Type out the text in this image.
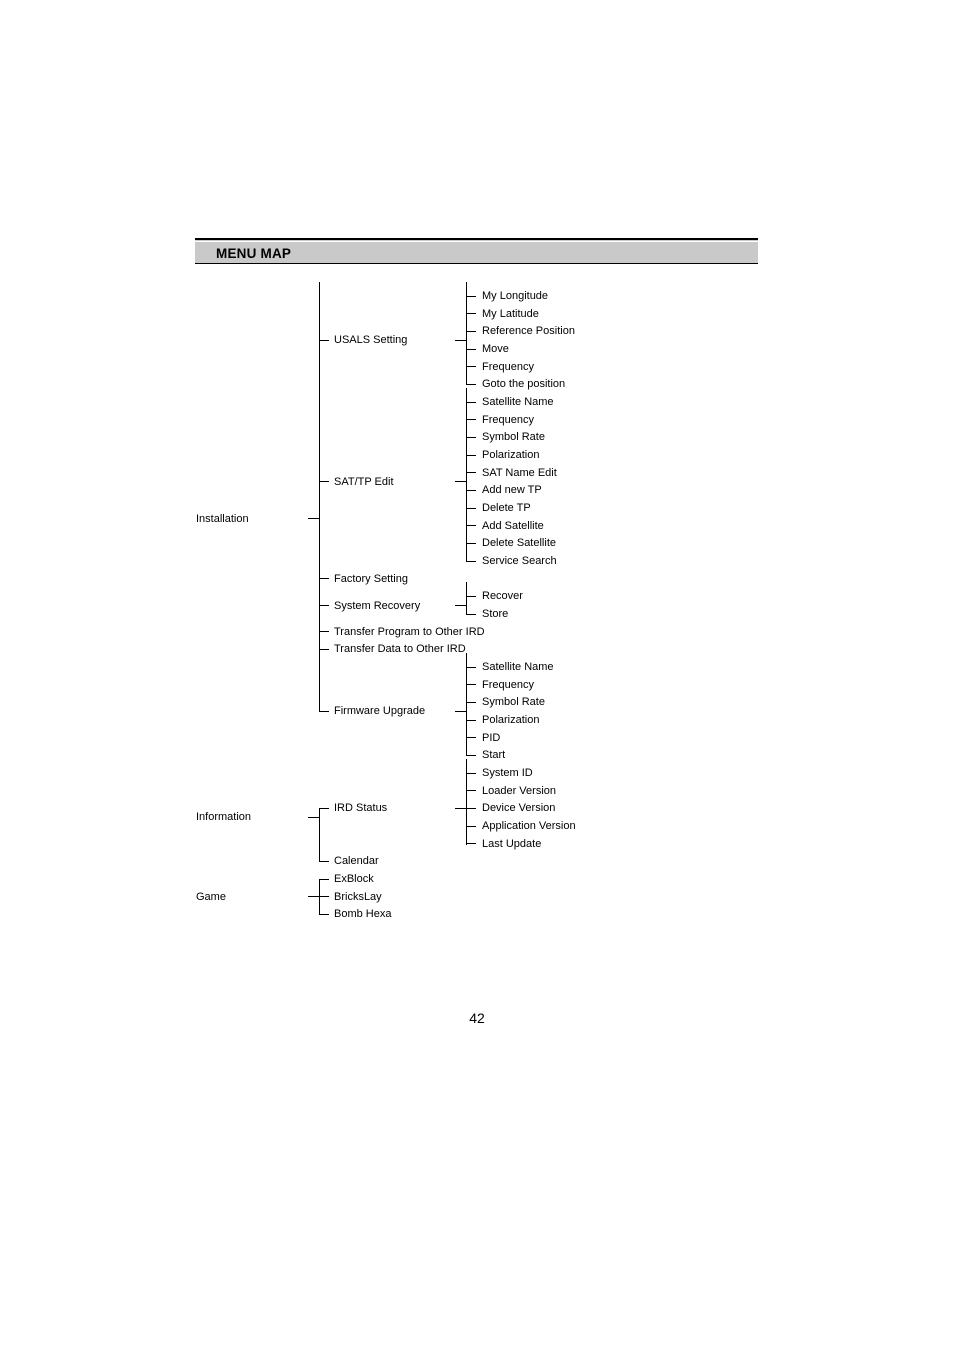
MENU MAP
My Longitude
My Latitude
Reference Position
Move
Frequency
Goto the position
USALS Setting
Satellite Name
Frequency
Symbol Rate
Polarization
SAT Name Edit
Add new TP
Delete TP
Add Satellite
Delete Satellite
Service Search
SAT/TP Edit
Factory Setting
Recover
Store
System Recovery
Transfer Program to Other IRD
Transfer Data to Other IRD
Satellite Name
Frequency
Symbol Rate
Polarization
PID
Start
Firmware Upgrade
Installation
System ID
Loader Version
Device Version
Application Version
Last Update
IRD Status
Calendar
Information
ExBlock
BricksLay
Bomb Hexa
Game
42
